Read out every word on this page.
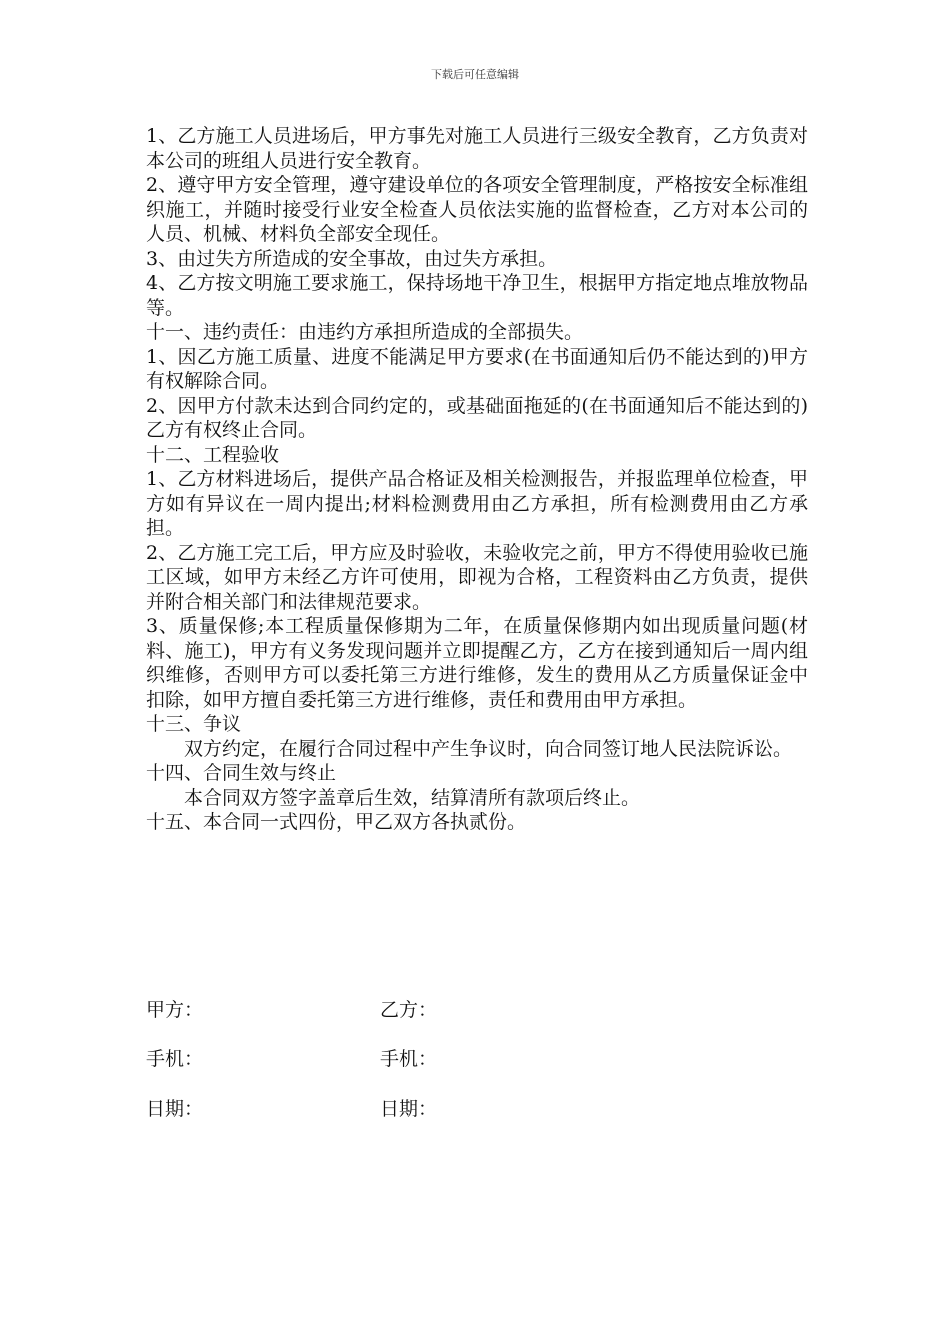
下载后可任意编辑

1、乙方施工人员进场后，甲方事先对施工人员进行三级安全教育，乙方负责对本公司的班组人员进行安全教育。

2、遵守甲方安全管理，遵守建设单位的各项安全管理制度，严格按安全标准组织施工，并随时接受行业安全检查人员依法实施的监督检查，乙方对本公司的人员、机械、材料负全部安全现任。

3、由过失方所造成的安全事故，由过失方承担。

4、乙方按文明施工要求施工，保持场地干净卫生，根据甲方指定地点堆放物品等。

十一、违约责任：由违约方承担所造成的全部损失。

1、因乙方施工质量、进度不能满足甲方要求(在书面通知后仍不能达到的)甲方有权解除合同。

2、因甲方付款未达到合同约定的，或基础面拖延的(在书面通知后不能达到的)乙方有权终止合同。

十二、工程验收

1、乙方材料进场后，提供产品合格证及相关检测报告，并报监理单位检查，甲方如有异议在一周内提出;材料检测费用由乙方承担，所有检测费用由乙方承担。

2、乙方施工完工后，甲方应及时验收，未验收完之前，甲方不得使用验收已施工区域，如甲方未经乙方许可使用，即视为合格，工程资料由乙方负责，提供并附合相关部门和法律规范要求。

3、质量保修;本工程质量保修期为二年，在质量保修期内如出现质量问题(材料、施工)，甲方有义务发现问题并立即提醒乙方，乙方在接到通知后一周内组织维修，否则甲方可以委托第三方进行维修，发生的费用从乙方质量保证金中扣除，如甲方擅自委托第三方进行维修，责任和费用由甲方承担。

十三、争议

双方约定，在履行合同过程中产生争议时，向合同签订地人民法院诉讼。

十四、合同生效与终止

本合同双方签字盖章后生效，结算清所有款项后终止。

十五、本合同一式四份，甲乙双方各执贰份。

甲方：	乙方：
手机：	手机：
日期：	日期：
